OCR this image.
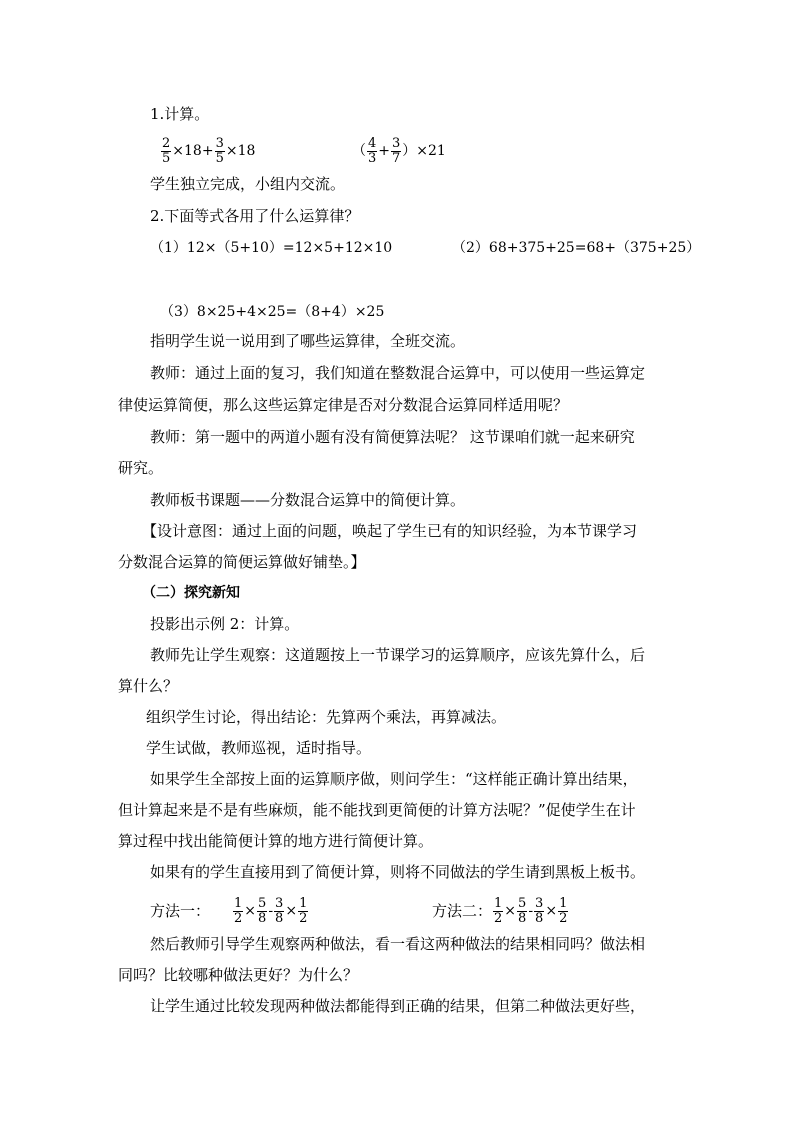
1.计算。
$\frac{2}{5} \times 18+ \frac{3}{5} \times 18$	（ $\frac{4}{3} + \frac{3}{7} )\times 21$
学生独立完成，小组内交流。
2.下面等式各用了什么运算律？
（1）12×（5+10）=12×5+12×10	（2）68+375+25=68+（375+25）
（3）8×25+4×25=（8+4）×25
指明学生说一说用到了哪些运算律，全班交流。
教师：通过上面的复习，我们知道在整数混合运算中，可以使用一些运算定
律使运算简便，那么这些运算定律是否对分数混合运算同样适用呢？
教师：第一题中的两道小题有没有简便算法呢？ 这节课咱们就一起来研究
研究。
教师板书课题——分数混合运算中的简便计算。
【设计意图：通过上面的问题，唤起了学生已有的知识经验，为本节课学习
分数混合运算的简便运算做好铺垫。】
（二）探究新知
投影出示例 2：计算。
教师先让学生观察：这道题按上一节课学习的运算顺序，应该先算什么，后
算什么？
组织学生讨论，得出结论：先算两个乘法，再算减法。
学生试做，教师巡视，适时指导。
如果学生全部按上面的运算顺序做，则问学生：“这样能正确计算出结果，
但计算起来是不是有些麻烦，能不能找到更简便的计算方法呢？”促使学生在计
算过程中找出能简便计算的地方进行简便计算。
如果有的学生直接用到了简便计算，则将不同做法的学生请到黑板上板书。
方法一： $\frac{1}{2} \times \frac{5}{8} - \frac{3}{8} \times \frac{1}{2}$	方法二： $\frac{1}{2} \times \frac{5}{8} - \frac{3}{8} \times \frac{1}{2}$
然后教师引导学生观察两种做法，看一看这两种做法的结果相同吗？做法相
同吗？比较哪种做法更好？为什么？
让学生通过比较发现两种做法都能得到正确的结果，但第二种做法更好些，
